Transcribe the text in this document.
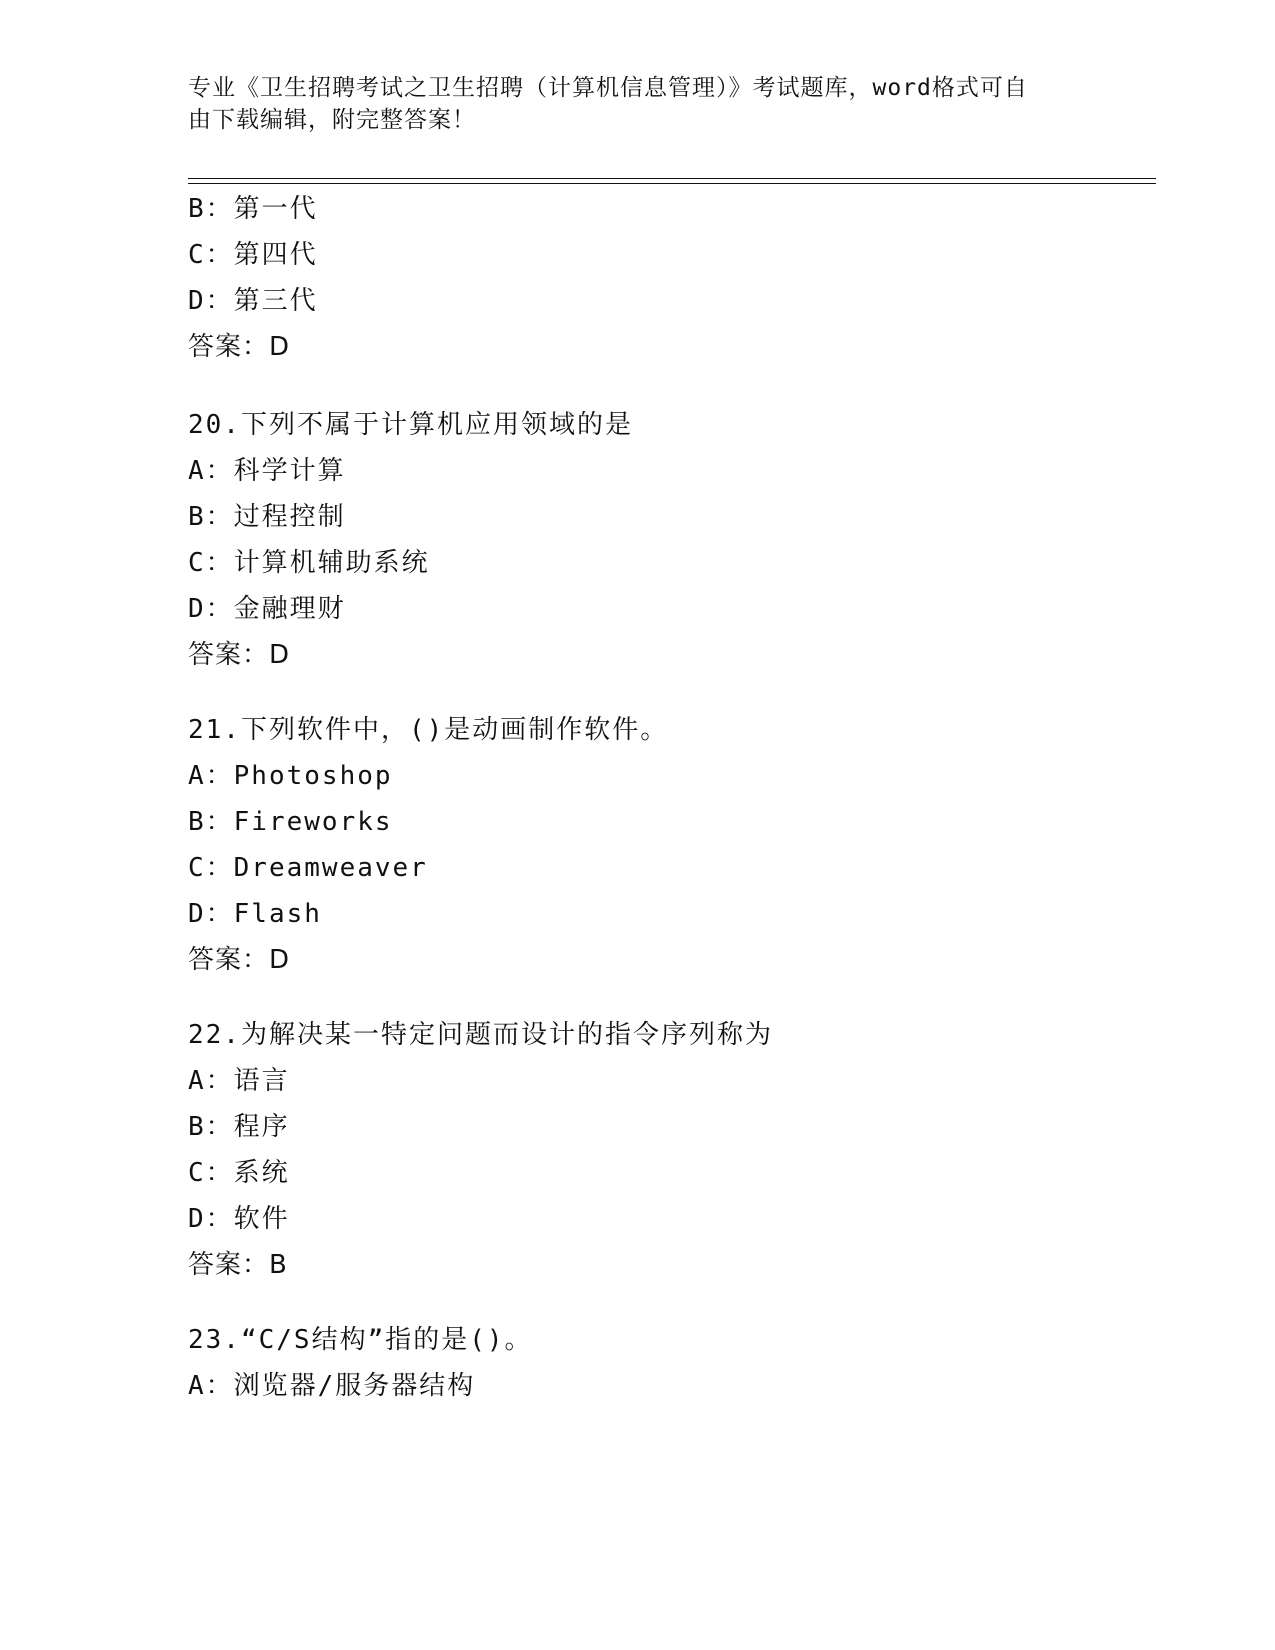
专业《卫生招聘考试之卫生招聘（计算机信息管理）》考试题库，word格式可自
由下载编辑，附完整答案！
B：第一代
C：第四代
D：第三代
答案：D
20.下列不属于计算机应用领域的是
A：科学计算
B：过程控制
C：计算机辅助系统
D：金融理财
答案：D
21.下列软件中，()是动画制作软件。
A：Photoshop
B：Fireworks
C：Dreamweaver
D：Flash
答案：D
22.为解决某一特定问题而设计的指令序列称为
A：语言
B：程序
C：系统
D：软件
答案：B
23.“C/S结构”指的是()。
A：浏览器/服务器结构
